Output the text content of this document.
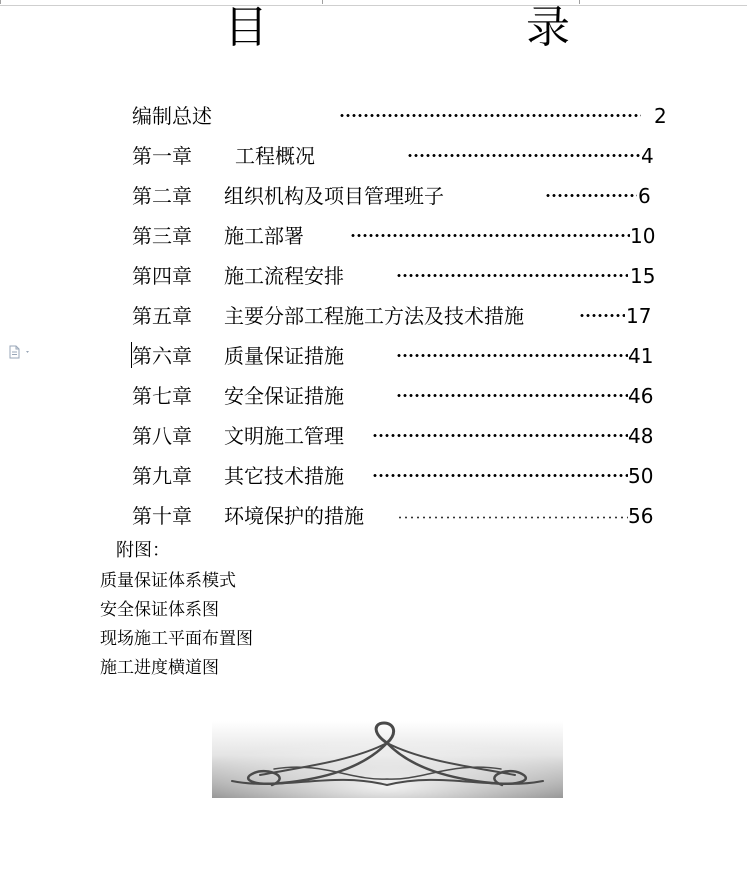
目	录
编制总述	2
第一章 工程概况	4
第二章 组织机构及项目管理班子	6
第三章 施工部署	10
第四章 施工流程安排	15
第五章 主要分部工程施工方法及技术措施	17
第六章 质量保证措施	41
第七章 安全保证措施	46
第八章 文明施工管理	48
第九章 其它技术措施	50
第十章 环境保护的措施	56
附图：
质量保证体系模式
安全保证体系图
现场施工平面布置图
施工进度横道图
